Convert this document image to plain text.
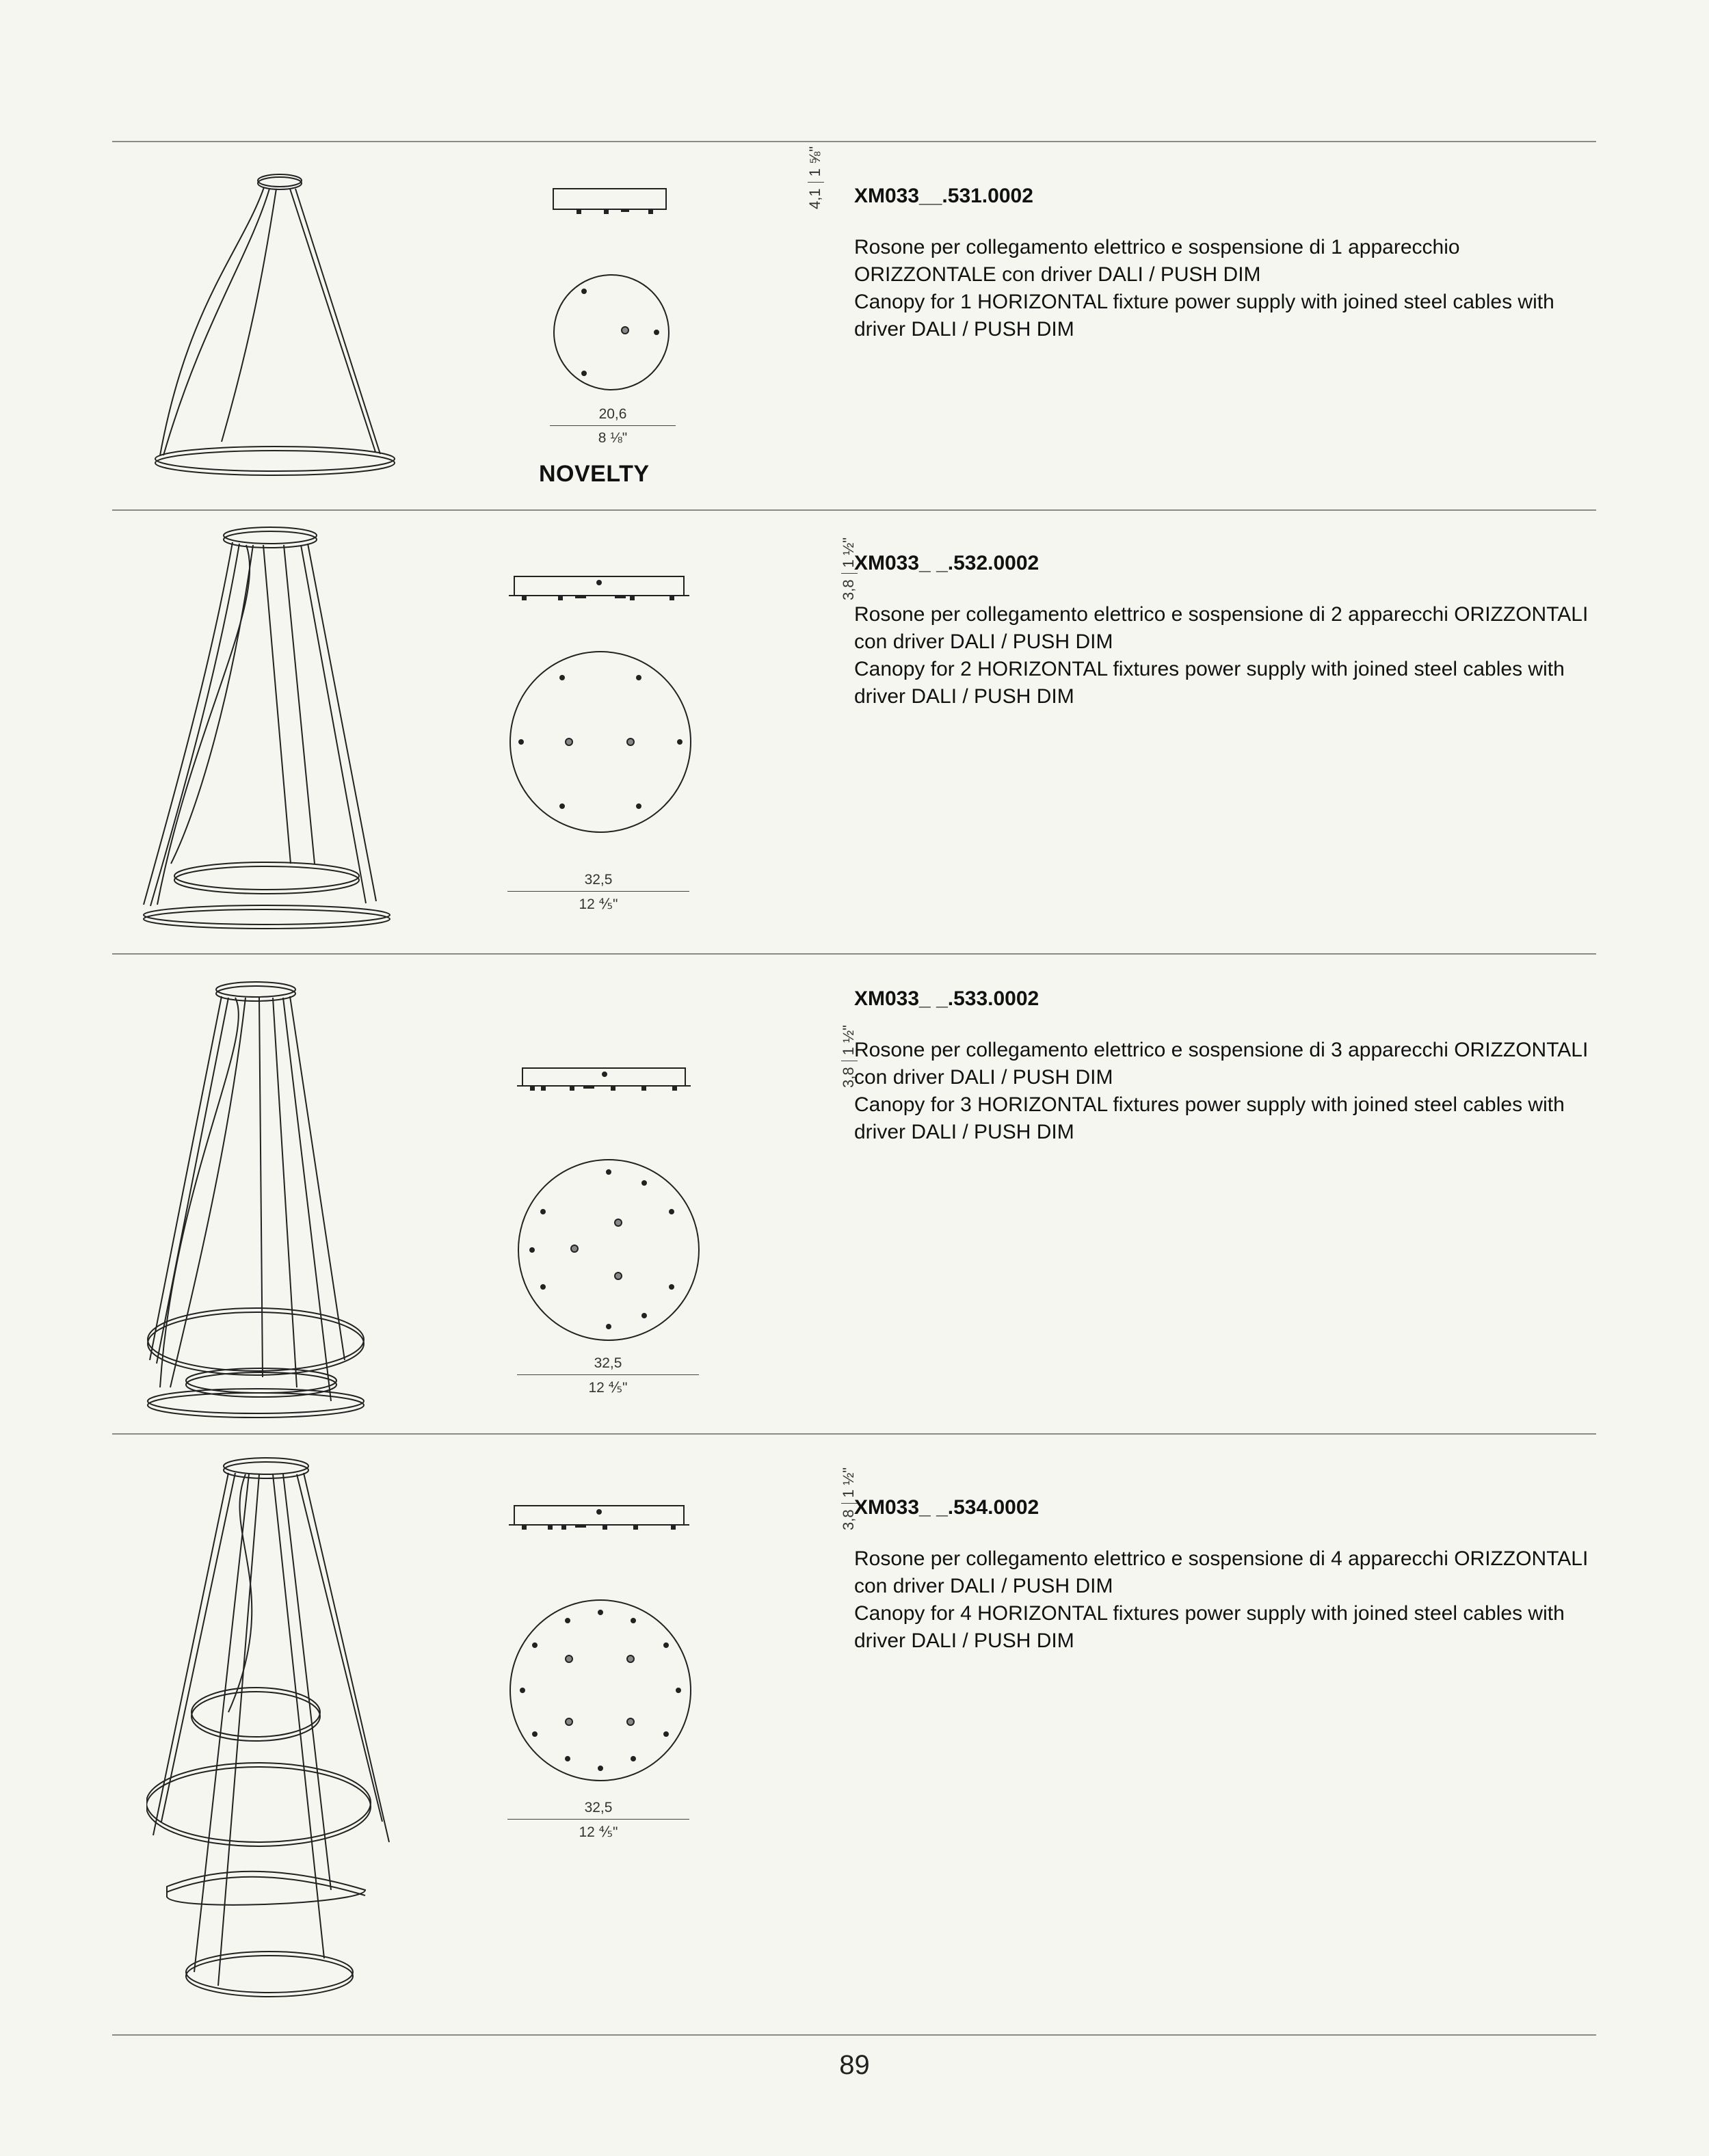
4,11 ⅝"
20,6
8 ⅛"
NOVELTY

XM033__.531.0002

Rosone per collegamento elettrico e sospensione di 1 apparecchio ORIZZONTALE con driver DALI / PUSH DIM

Canopy for 1 HORIZONTAL fixture power supply with joined steel cables with driver DALI / PUSH DIM

3,81 ½"
32,5
12 ⅘"

XM033_ _.532.0002

Rosone per collegamento elettrico e sospensione di 2 apparecchi ORIZZONTALI con driver DALI / PUSH DIM

Canopy for 2 HORIZONTAL fixtures power supply with joined steel cables with driver DALI / PUSH DIM

3,81 ½"
32,5
12 ⅘"

XM033_ _.533.0002

Rosone per collegamento elettrico e sospensione di 3 apparecchi ORIZZONTALI con driver DALI / PUSH DIM

Canopy for 3 HORIZONTAL fixtures power supply with joined steel cables with driver DALI / PUSH DIM

3,81 ½"
32,5
12 ⅘"

XM033_ _.534.0002

Rosone per collegamento elettrico e sospensione di 4 apparecchi ORIZZONTALI con driver DALI / PUSH DIM

Canopy for 4 HORIZONTAL fixtures power supply with joined steel cables with driver DALI / PUSH DIM

89
